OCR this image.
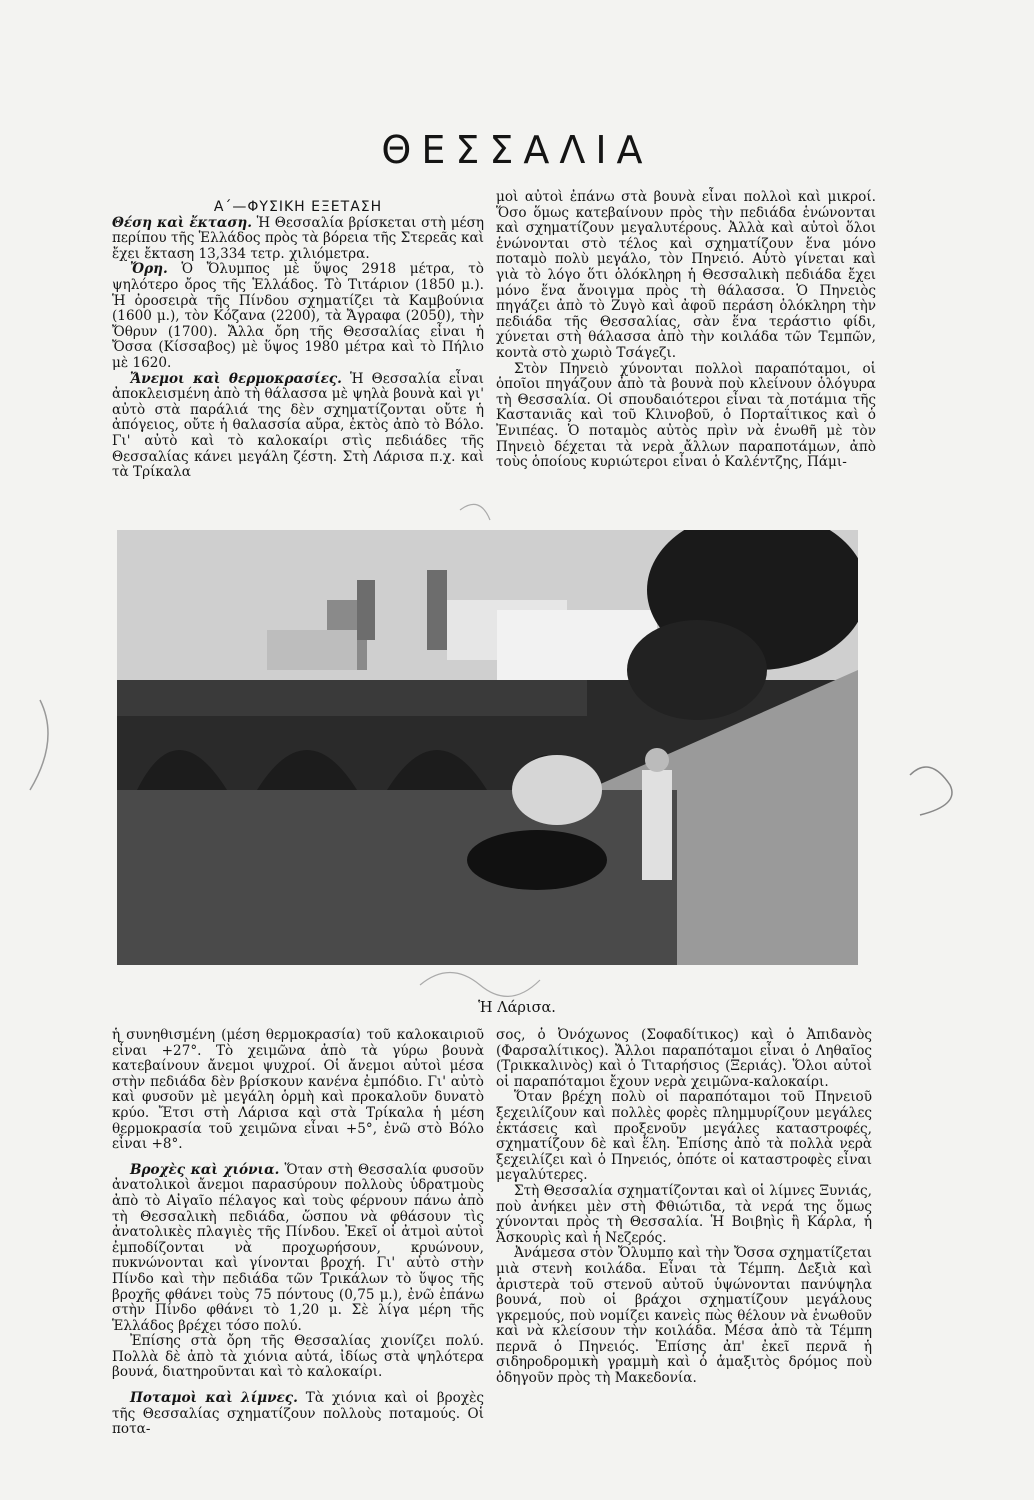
ΘΕΣΣΑΛΙΑ

Α΄—ΦΥΣΙΚΗ ΕΞΕΤΑΣΗ

Θέση καὶ ἔκταση. Ἡ Θεσσαλία βρίσκεται στὴ μέση περίπου τῆς Ἑλλάδος πρὸς τὰ βόρεια τῆς Στερεᾶς καὶ ἔχει ἔκταση 13,334 τετρ. χιλιόμετρα.

Ὄρη. Ὁ Ὄλυμπος μὲ ὕψος 2918 μέτρα, τὸ ψηλότερο ὄρος τῆς Ἑλλάδος. Τὸ Τιτάριον (1850 μ.). Ἡ ὀροσειρὰ τῆς Πίνδου σχηματίζει τὰ Καμβούνια (1600 μ.), τὸν Κόζανα (2200), τὰ Ἄγραφα (2050), τὴν Ὄθρυν (1700). Ἄλλα ὄρη τῆς Θεσσαλίας εἶναι ἡ Ὄσσα (Κίσσαβος) μὲ ὕψος 1980 μέτρα καὶ τὸ Πήλιο μὲ 1620.

Ἄνεμοι καὶ θερμοκρασίες. Ἡ Θεσσαλία εἶναι ἀποκλεισμένη ἀπὸ τὴ θάλασσα μὲ ψηλὰ βουνὰ καὶ γι' αὐτὸ στὰ παράλιά της δὲν σχηματίζονται οὔτε ἡ ἀπόγειος, οὔτε ἡ θαλασσία αὔρα, ἐκτὸς ἀπὸ τὸ Βόλο. Γι' αὐτὸ καὶ τὸ καλοκαίρι στὶς πεδιάδες τῆς Θεσσαλίας κάνει μεγάλη ζέστη. Στὴ Λάρισα π.χ. καὶ τὰ Τρίκαλα

μοὶ αὐτοὶ ἐπάνω στὰ βουνὰ εἶναι πολλοὶ καὶ μικροί. Ὅσο ὅμως κατεβαίνουν πρὸς τὴν πεδιάδα ἑνώνονται καὶ σχηματίζουν μεγαλυτέρους. Ἀλλὰ καὶ αὐτοὶ ὅλοι ἑνώνονται στὸ τέλος καὶ σχηματίζουν ἕνα μόνο ποταμὸ πολὺ μεγάλο, τὸν Πηνειό. Αὐτὸ γίνεται καὶ γιὰ τὸ λόγο ὅτι ὁλόκληρη ἡ Θεσσαλικὴ πεδιάδα ἔχει μόνο ἕνα ἄνοιγμα πρὸς τὴ θάλασσα. Ὁ Πηνειὸς πηγάζει ἀπὸ τὸ Ζυγὸ καὶ ἀφοῦ περάση ὁλόκληρη τὴν πεδιάδα τῆς Θεσσαλίας, σὰν ἕνα τεράστιο φίδι, χύνεται στὴ θάλασσα ἀπὸ τὴν κοιλάδα τῶν Τεμπῶν, κοντὰ στὸ χωριὸ Τσάγεζι.

Στὸν Πηνειὸ χύνονται πολλοὶ παραπόταμοι, οἱ ὁποῖοι πηγάζουν ἀπὸ τὰ βουνὰ ποὺ κλείνουν ὁλόγυρα τὴ Θεσσαλία. Οἱ σπουδαιότεροι εἶναι τὰ ποτάμια τῆς Καστανιᾶς καὶ τοῦ Κλινοβοῦ, ὁ Πορταΐτικος καὶ ὁ Ἐνιπέας. Ὁ ποταμὸς αὐτὸς πρὶν νὰ ἑνωθῆ μὲ τὸν Πηνειὸ δέχεται τὰ νερὰ ἄλλων παραποτάμων, ἀπὸ τοὺς ὁποίους κυριώτεροι εἶναι ὁ Καλέντζης, Πάμι-

Ἡ Λάρισα.

ἡ συνηθισμένη (μέση θερμοκρασία) τοῦ καλοκαιριοῦ εἶναι +27°. Τὸ χειμῶνα ἀπὸ τὰ γύρω βουνὰ κατεβαίνουν ἄνεμοι ψυχροί. Οἱ ἄνεμοι αὐτοὶ μέσα στὴν πεδιάδα δὲν βρίσκουν κανένα ἐμπόδιο. Γι' αὐτὸ καὶ φυσοῦν μὲ μεγάλη ὁρμὴ καὶ προκαλοῦν δυνατὸ κρύο. Ἔτσι στὴ Λάρισα καὶ στὰ Τρίκαλα ἡ μέση θερμοκρασία τοῦ χειμῶνα εἶναι +5°, ἐνῶ στὸ Βόλο εἶναι +8°.

Βροχὲς καὶ χιόνια. Ὅταν στὴ Θεσσαλία φυσοῦν ἀνατολικοὶ ἄνεμοι παρασύρουν πολλοὺς ὑδρατμοὺς ἀπὸ τὸ Αἰγαῖο πέλαγος καὶ τοὺς φέρνουν πάνω ἀπὸ τὴ Θεσσαλικὴ πεδιάδα, ὥσπου νὰ φθάσουν τὶς ἀνατολικὲς πλαγιὲς τῆς Πίνδου. Ἐκεῖ οἱ ἀτμοὶ αὐτοὶ ἐμποδίζονται νὰ προχωρήσουν, κρυώνουν, πυκνώνονται καὶ γίνονται βροχή. Γι' αὐτὸ στὴν Πίνδο καὶ τὴν πεδιάδα τῶν Τρικάλων τὸ ὕψος τῆς βροχῆς φθάνει τοὺς 75 πόντους (0,75 μ.), ἐνῶ ἐπάνω στὴν Πίνδο φθάνει τὸ 1,20 μ. Σὲ λίγα μέρη τῆς Ἑλλάδος βρέχει τόσο πολύ.

Ἐπίσης στὰ ὄρη τῆς Θεσσαλίας χιονίζει πολύ. Πολλὰ δὲ ἀπὸ τὰ χιόνια αὐτά, ἰδίως στὰ ψηλότερα βουνά, διατηροῦνται καὶ τὸ καλοκαίρι.

Ποταμοὶ καὶ λίμνες. Τὰ χιόνια καὶ οἱ βροχὲς τῆς Θεσσαλίας σχηματίζουν πολλοὺς ποταμούς. Οἱ ποτα-

σος, ὁ Ὀνόχωνος (Σοφαδίτικος) καὶ ὁ Ἀπιδανὸς (Φαρσαλίτικος). Ἄλλοι παραπόταμοι εἶναι ὁ Ληθαῖος (Τρικκαλινὸς) καὶ ὁ Τιταρήσιος (Ξεριάς). Ὅλοι αὐτοὶ οἱ παραπόταμοι ἔχουν νερὰ χειμῶνα-καλοκαίρι.

Ὅταν βρέχη πολὺ οἱ παραπόταμοι τοῦ Πηνειοῦ ξεχειλίζουν καὶ πολλὲς φορὲς πλημμυρίζουν μεγάλες ἐκτάσεις καὶ προξενοῦν μεγάλες καταστροφές, σχηματίζουν δὲ καὶ ἕλη. Ἐπίσης ἀπὸ τὰ πολλὰ νερὰ ξεχειλίζει καὶ ὁ Πηνειός, ὁπότε οἱ καταστροφὲς εἶναι μεγαλύτερες.

Στὴ Θεσσαλία σχηματίζονται καὶ οἱ λίμνες Ξυνιάς, ποὺ ἀνήκει μὲν στὴ Φθιώτιδα, τὰ νερά της ὅμως χύνονται πρὸς τὴ Θεσσαλία. Ἡ Βοιβηὶς ἢ Κάρλα, ἡ Ἀσκουρὶς καὶ ἡ Νεζερός.

Ἀνάμεσα στὸν Ὄλυμπο καὶ τὴν Ὄσσα σχηματίζεται μιὰ στενὴ κοιλάδα. Εἶναι τὰ Τέμπη. Δεξιὰ καὶ ἀριστερὰ τοῦ στενοῦ αὐτοῦ ὑψώνονται πανύψηλα βουνά, ποὺ οἱ βράχοι σχηματίζουν μεγάλους γκρεμούς, ποὺ νομίζει κανεὶς πὼς θέλουν νὰ ἑνωθοῦν καὶ νὰ κλείσουν τὴν κοιλάδα. Μέσα ἀπὸ τὰ Τέμπη περνᾶ ὁ Πηνειός. Ἐπίσης ἀπ' ἐκεῖ περνᾶ ἡ σιδηροδρομικὴ γραμμὴ καὶ ὁ ἁμαξιτὸς δρόμος ποὺ ὁδηγοῦν πρὸς τὴ Μακεδονία.
